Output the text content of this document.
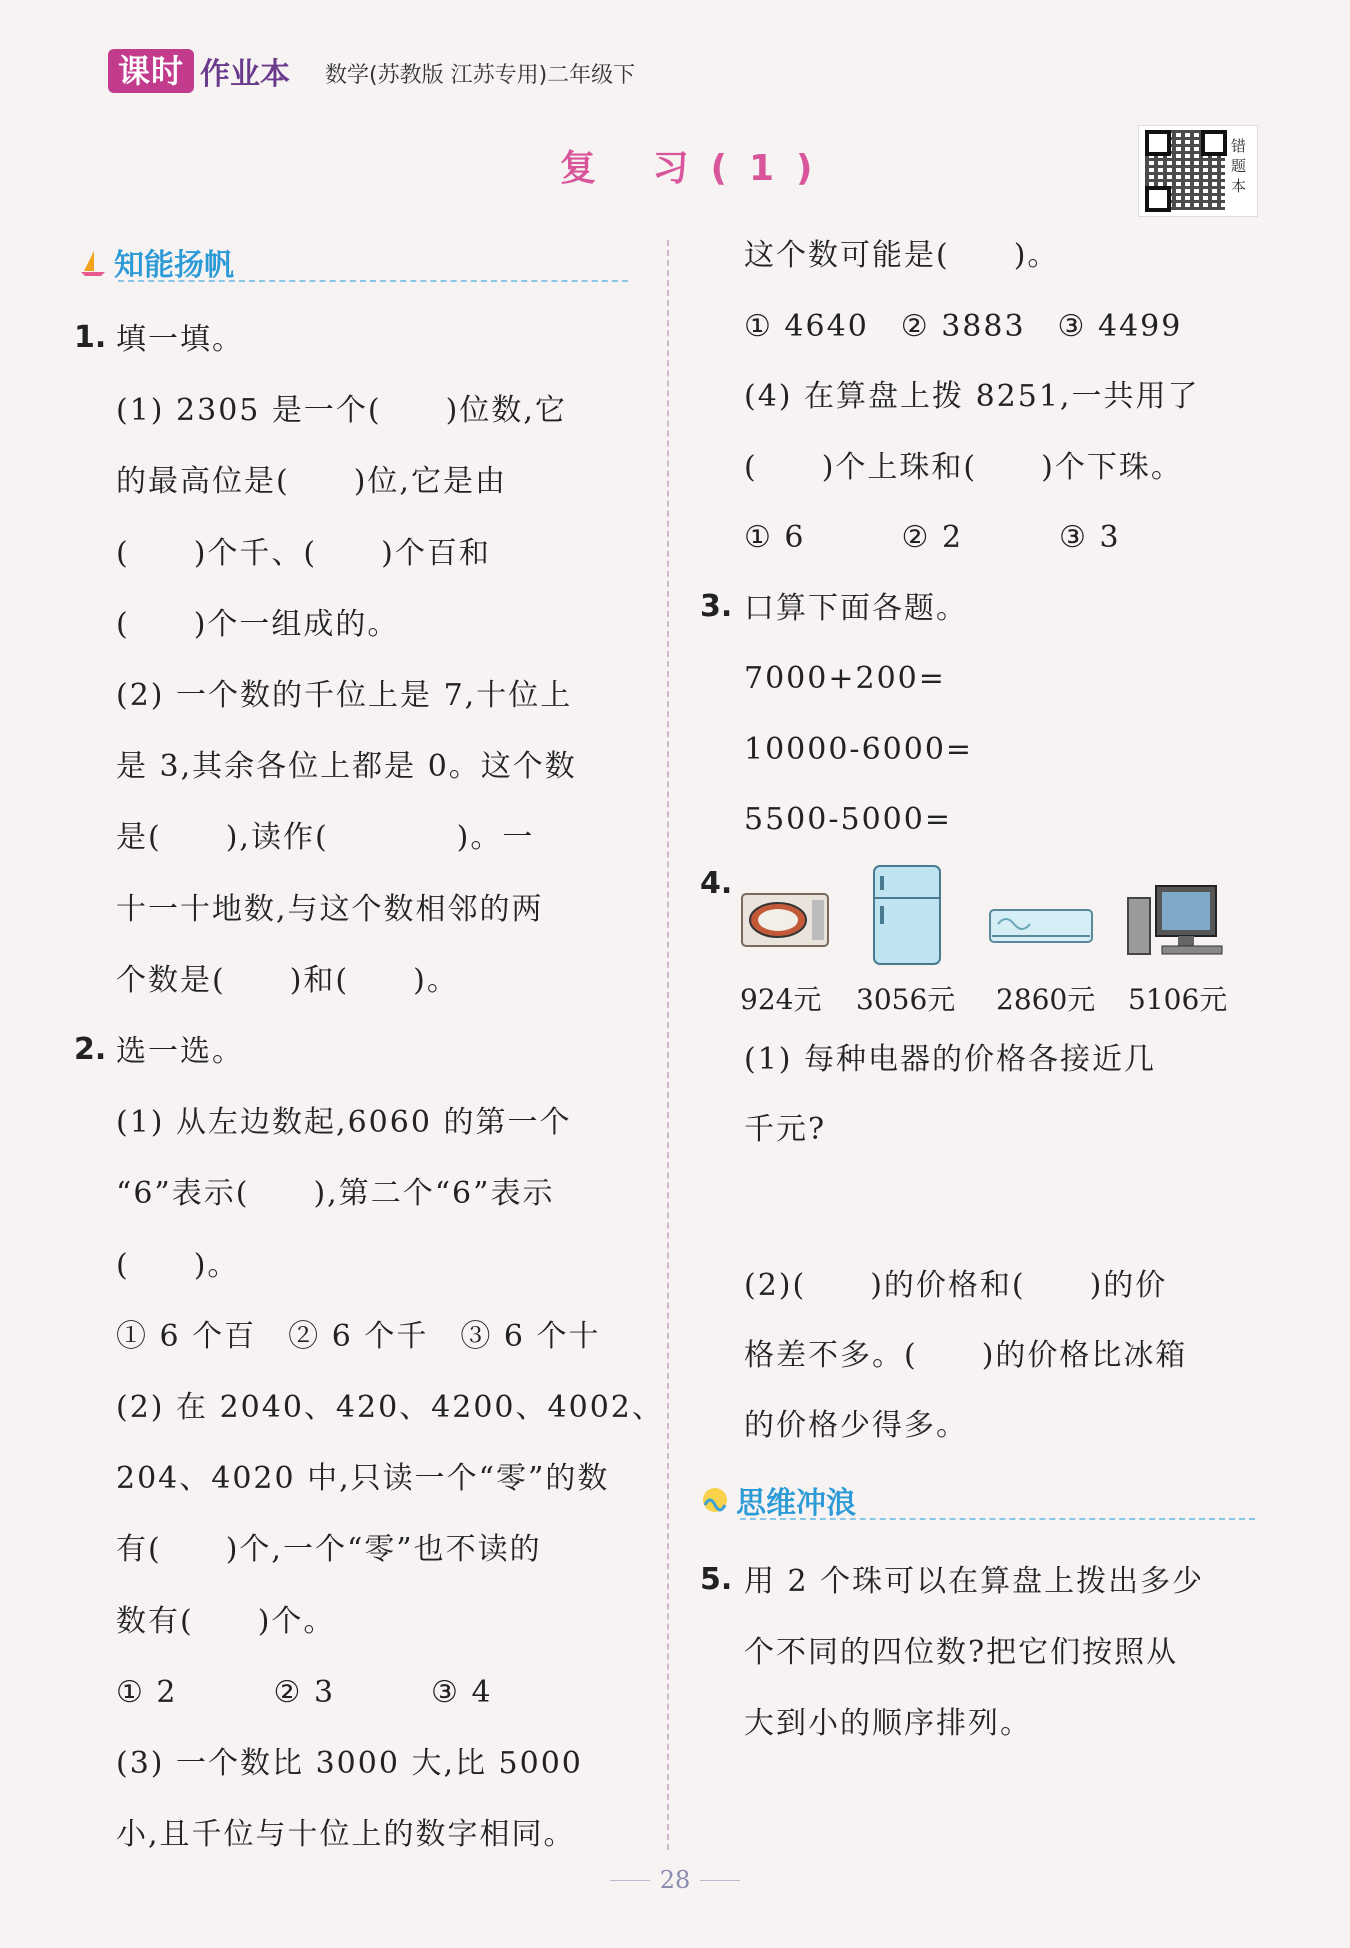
课时 作业本 数学(苏教版 江苏专用)二年级下
复 习(1)
错题本
知能扬帆
1. 填一填。
(1) 2305 是一个(　　)位数,它
的最高位是(　　)位,它是由
(　　)个千、(　　)个百和
(　　)个一组成的。
(2) 一个数的千位上是 7,十位上
是 3,其余各位上都是 0。这个数
是(　　),读作(　　　　)。一
十一十地数,与这个数相邻的两
个数是(　　)和(　　)。
2. 选一选。
(1) 从左边数起,6060 的第一个
“6”表示(　　),第二个“6”表示
(　　)。
① 6 个百　② 6 个千　③ 6 个十
(2) 在 2040、420、4200、4002、
204、4020 中,只读一个“零”的数
有(　　)个,一个“零”也不读的
数有(　　)个。
① 2　　　② 3　　　③ 4
(3) 一个数比 3000 大,比 5000
小,且千位与十位上的数字相同。
这个数可能是(　　)。
① 4640　② 3883　③ 4499
(4) 在算盘上拨 8251,一共用了
(　　)个上珠和(　　)个下珠。
① 6　　　② 2　　　③ 3
3. 口算下面各题。
7000+200=
10000-6000=
5500-5000=
4.
924元 3056元 2860元 5106元
(1) 每种电器的价格各接近几
千元?
(2)(　　)的价格和(　　)的价
格差不多。(　　)的价格比冰箱
的价格少得多。
思维冲浪
5. 用 2 个珠可以在算盘上拨出多少
个不同的四位数?把它们按照从
大到小的顺序排列。
28
